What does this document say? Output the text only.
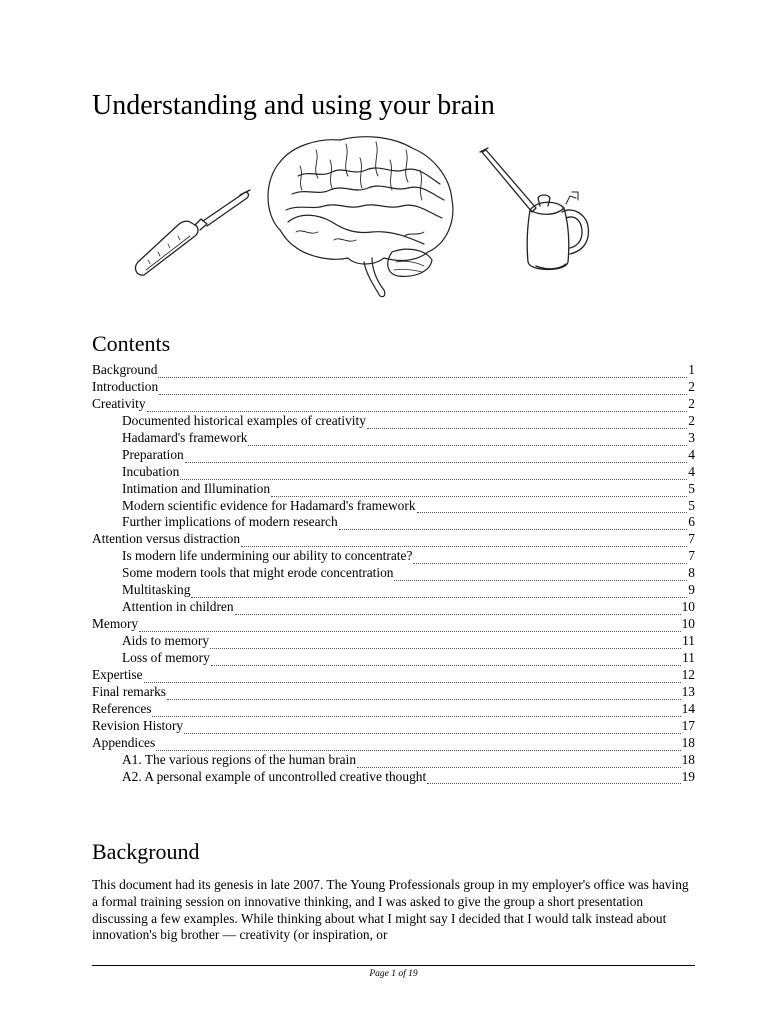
Understanding and using your brain
Contents
Background	1
Introduction	2
Creativity	2
Documented historical examples of creativity	2
Hadamard's framework	3
Preparation	4
Incubation	4
Intimation and Illumination	5
Modern scientific evidence for Hadamard's framework	5
Further implications of modern research	6
Attention versus distraction	7
Is modern life undermining our ability to concentrate?	7
Some modern tools that might erode concentration	8
Multitasking	9
Attention in children	10
Memory	10
Aids to memory	11
Loss of memory	11
Expertise	12
Final remarks	13
References	14
Revision History	17
Appendices	18
A1. The various regions of the human brain	18
A2. A personal example of uncontrolled creative thought	19
Background

This document had its genesis in late 2007. The Young Professionals group in my employer's office was having a formal training session on innovative thinking, and I was asked to give the group a short presentation discussing a few examples. While thinking about what I might say I decided that I would talk instead about innovation's big brother — creativity (or inspiration, or

Page 1 of 19
